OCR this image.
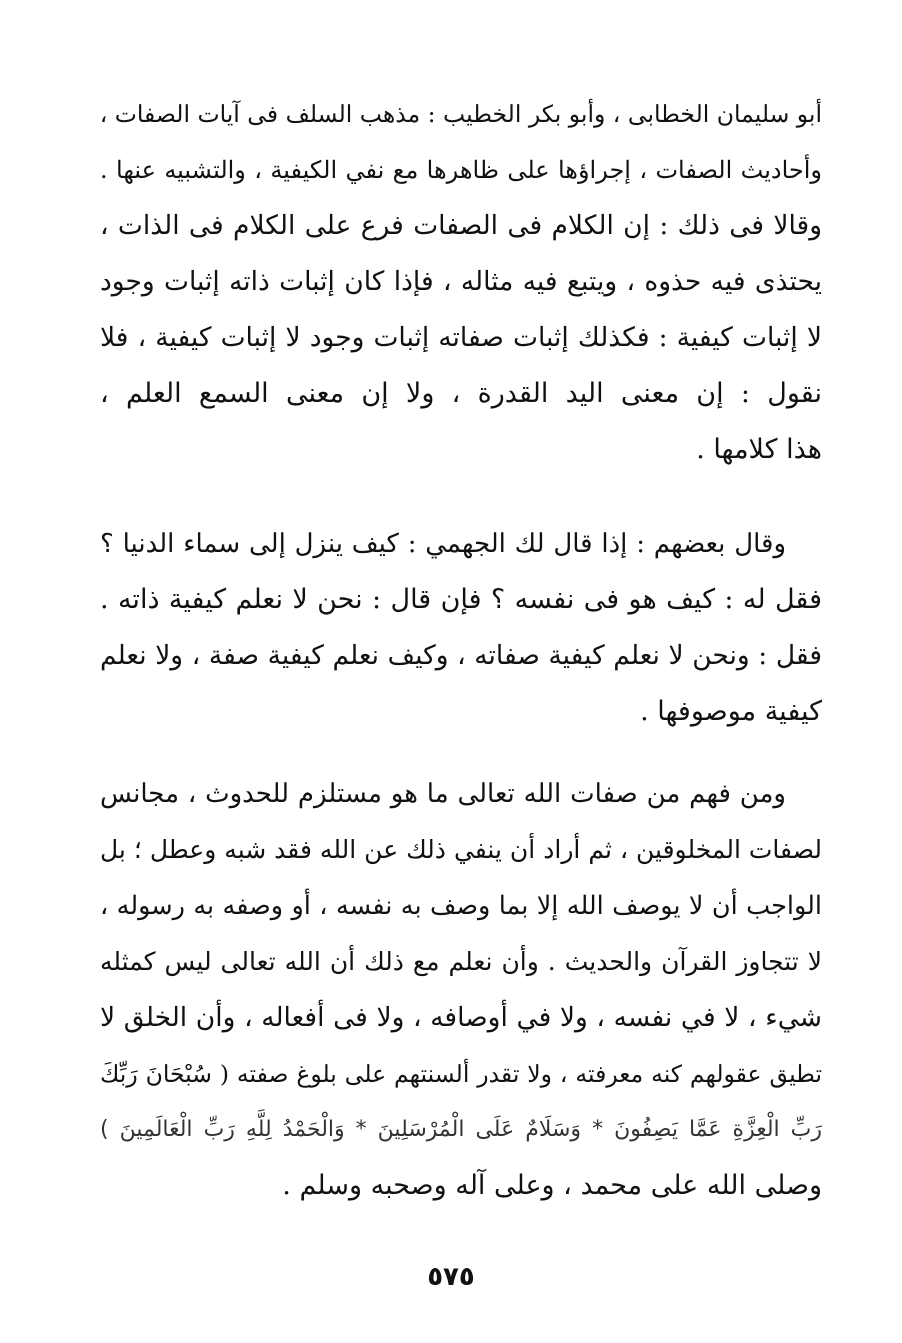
أبو سليمان الخطابى ، وأبو بكر الخطيب : مذهب السلف فى آيات الصفات ،
وأحاديث الصفات ، إجراؤها على ظاهرها مع نفي الكيفية ، والتشبيه عنها .
وقالا فى ذلك : إن الكلام فى الصفات فرع على الكلام فى الذات ،
يحتذى فيه حذوه ، ويتبع فيه مثاله ، فإذا كان إثبات ذاته إثبات وجود
لا إثبات كيفية : فكذلك إثبات صفاته إثبات وجود لا إثبات كيفية ، فلا
نقول : إن معنى اليد القدرة ، ولا إن معنى السمع العلم ،
هذا كلامها .
وقال بعضهم : إذا قال لك الجهمي : كيف ينزل إلى سماء الدنيا ؟
فقل له : كيف هو فى نفسه ؟ فإن قال : نحن لا نعلم كيفية ذاته .
فقل : ونحن لا نعلم كيفية صفاته ، وكيف نعلم كيفية صفة ، ولا نعلم
كيفية موصوفها .
ومن فهم من صفات الله تعالى ما هو مستلزم للحدوث ، مجانس
لصفات المخلوقين ، ثم أراد أن ينفي ذلك عن الله فقد شبه وعطل ؛ بل
الواجب أن لا يوصف الله إلا بما وصف به نفسه ، أو وصفه به رسوله ،
لا تتجاوز القرآن والحديث . وأن نعلم مع ذلك أن الله تعالى ليس كمثله
شيء ، لا في نفسه ، ولا في أوصافه ، ولا فى أفعاله ، وأن الخلق لا
تطيق عقولهم كنه معرفته ، ولا تقدر ألسنتهم على بلوغ صفته ( سُبْحَانَ رَبِّكَ
رَبِّ الْعِزَّةِ عَمَّا يَصِفُونَ * وَسَلَامٌ عَلَى الْمُرْسَلِينَ * وَالْحَمْدُ لِلَّهِ رَبِّ الْعَالَمِينَ )
وصلى الله على محمد ، وعلى آله وصحبه وسلم .
٥٧٥
